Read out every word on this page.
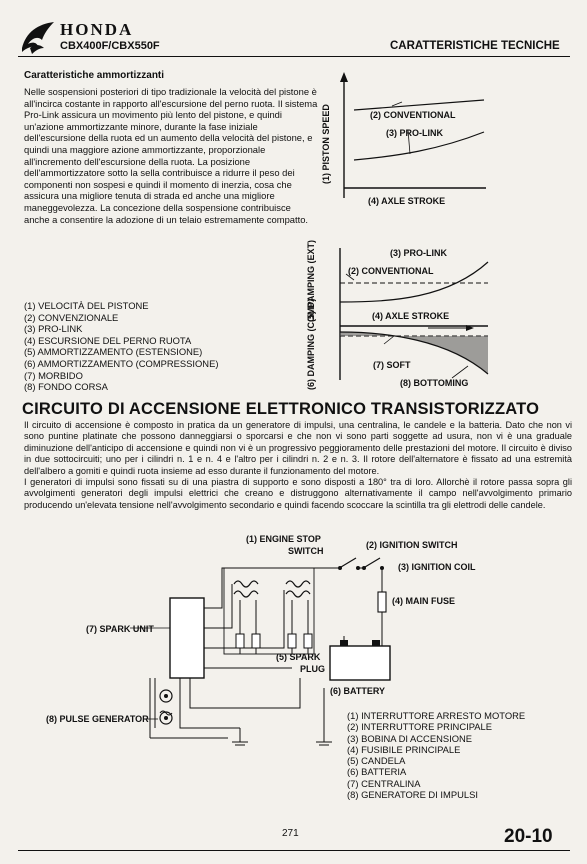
HONDA
CBX400F/CBX550F	CARATTERISTICHE TECNICHE
Caratteristiche ammortizzanti
Nelle sospensioni posteriori di tipo tradizionale la velocità del pistone è all'incirca costante in rapporto all'escursione del perno ruota. Il sistema Pro-Link assicura un movimento più lento del pistone, e quindi un'azione ammortizzante minore, durante la fase iniziale dell'escursione della ruota ed un aumento della velocità del pistone, e quindi una maggiore azione ammortizzante, proporzionale all'incremento dell'escursione della ruota. La posizione dell'ammortizzatore sotto la sella contribuisce a ridurre il peso dei componenti non sospesi e quindi il momento di inerzia, cosa che assicura una migliore tenuta di strada ed anche una migliore maneggevolezza. La concezione della sospensione contribuisce anche a consentire la adozione di un telaio estremamente compatto.
(1) VELOCITÀ DEL PISTONE
(2) CONVENZIONALE
(3) PRO-LINK
(4) ESCURSIONE DEL PERNO RUOTA
(5) AMMORTIZZAMENTO (ESTENSIONE)
(6) AMMORTIZZAMENTO (COMPRESSIONE)
(7) MORBIDO
(8) FONDO CORSA
(2) CONVENTIONAL
(3) PRO-LINK
(4) AXLE STROKE
(1) PISTON SPEED
(3) PRO-LINK
(2) CONVENTIONAL
(4) AXLE STROKE
(7) SOFT
(8) BOTTOMING
(5) DAMPING (EXT)
(6) DAMPING (COMP)
CIRCUITO DI ACCENSIONE ELETTRONICO TRANSISTORIZZATO
Il circuito di accensione è composto in pratica da un generatore di impulsi, una centralina, le candele e la batteria. Dato che non vi sono puntine platinate che possono danneggiarsi o sporcarsi e che non vi sono parti soggette ad usura, non vi è una graduale diminuzione dell'anticipo di accensione e quindi non vi è un progressivo peggioramento delle prestazioni del motore. Il circuito è diviso in due sottocircuiti; uno per i cilindri n. 1 e n. 4 e l'altro per i cilindri n. 2 e n. 3. Il rotore dell'alternatore è fissato ad una estremità dell'albero a gomiti e quindi ruota insieme ad esso durante il funzionamento del motore.
I generatori di impulsi sono fissati su di una piastra di supporto e sono disposti a 180° tra di loro. Allorchè il rotore passa sopra gli avvolgimenti generatori degli impulsi elettrici che creano e distruggono alternativamente il campo nell'avvolgimento primario producendo un'elevata tensione nell'avvolgimento secondario e quindi facendo scoccare la scintilla tra gli elettrodi delle candele.
(1) ENGINE STOP
SWITCH
(2) IGNITION SWITCH
(3) IGNITION COIL
(4) MAIN FUSE
(5) SPARK
PLUG
(6) BATTERY
(7) SPARK UNIT
(8) PULSE GENERATOR	(1) INTERRUTTORE ARRESTO MOTORE
(2) INTERRUTTORE PRINCIPALE
(3) BOBINA DI ACCENSIONE
(4) FUSIBILE PRINCIPALE
(5) CANDELA
(6) BATTERIA
(7) CENTRALINA
(8) GENERATORE DI IMPULSI
271	20-10
